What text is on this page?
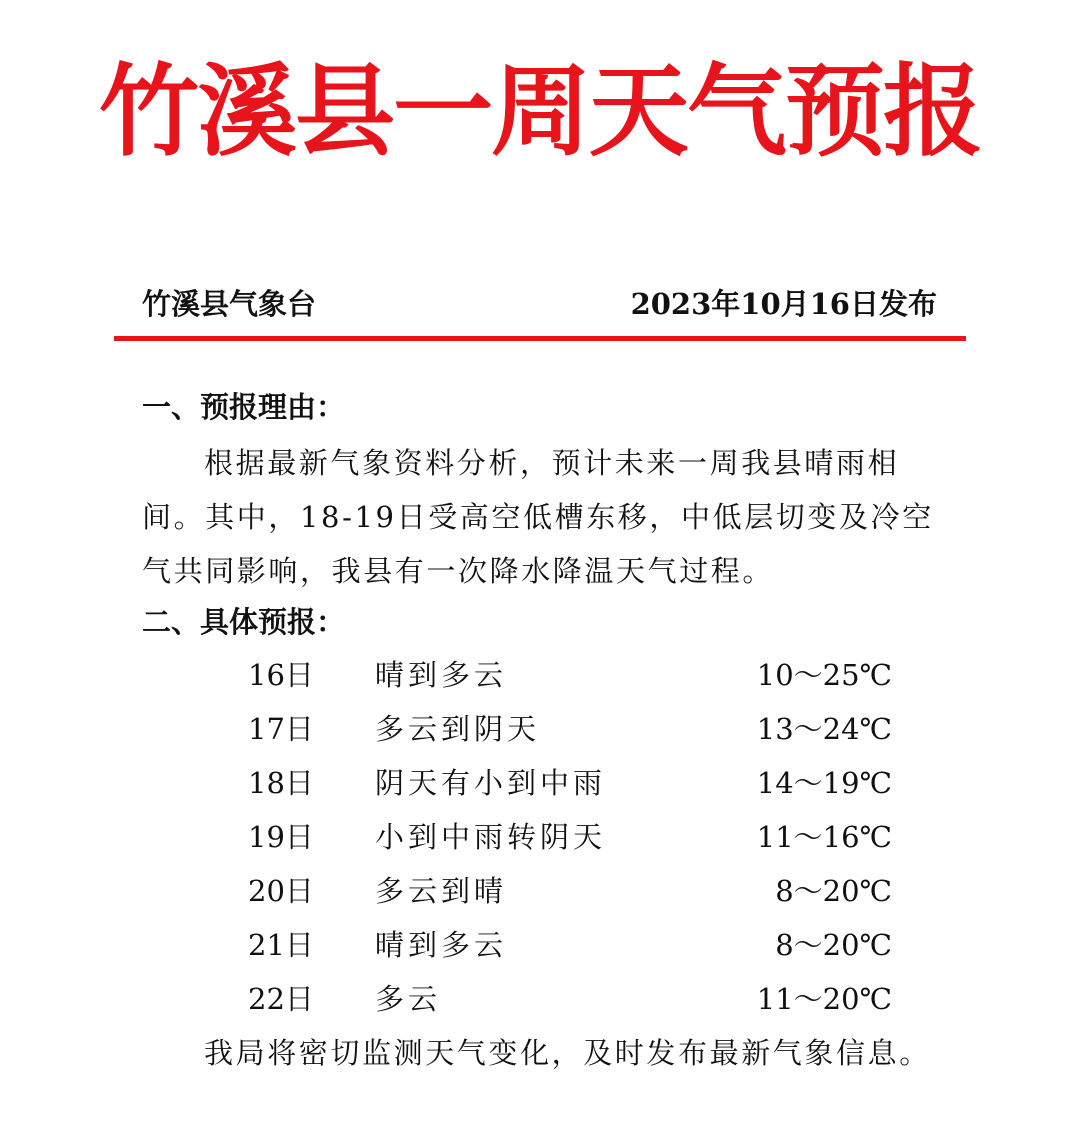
竹溪县一周天气预报
竹溪县气象台	2023年10月16日发布
一、预报理由：

根据最新气象资料分析，预计未来一周我县晴雨相间。其中，18-19日受高空低槽东移，中低层切变及冷空气共同影响，我县有一次降水降温天气过程。

二、具体预报：
16日 晴到多云	10～25℃
17日 多云到阴天	13～24℃
18日 阴天有小到中雨	14～19℃
19日 小到中雨转阴天	11～16℃
20日 多云到晴	8～20℃
21日 晴到多云	8～20℃
22日 多云	11～20℃
我局将密切监测天气变化，及时发布最新气象信息。
